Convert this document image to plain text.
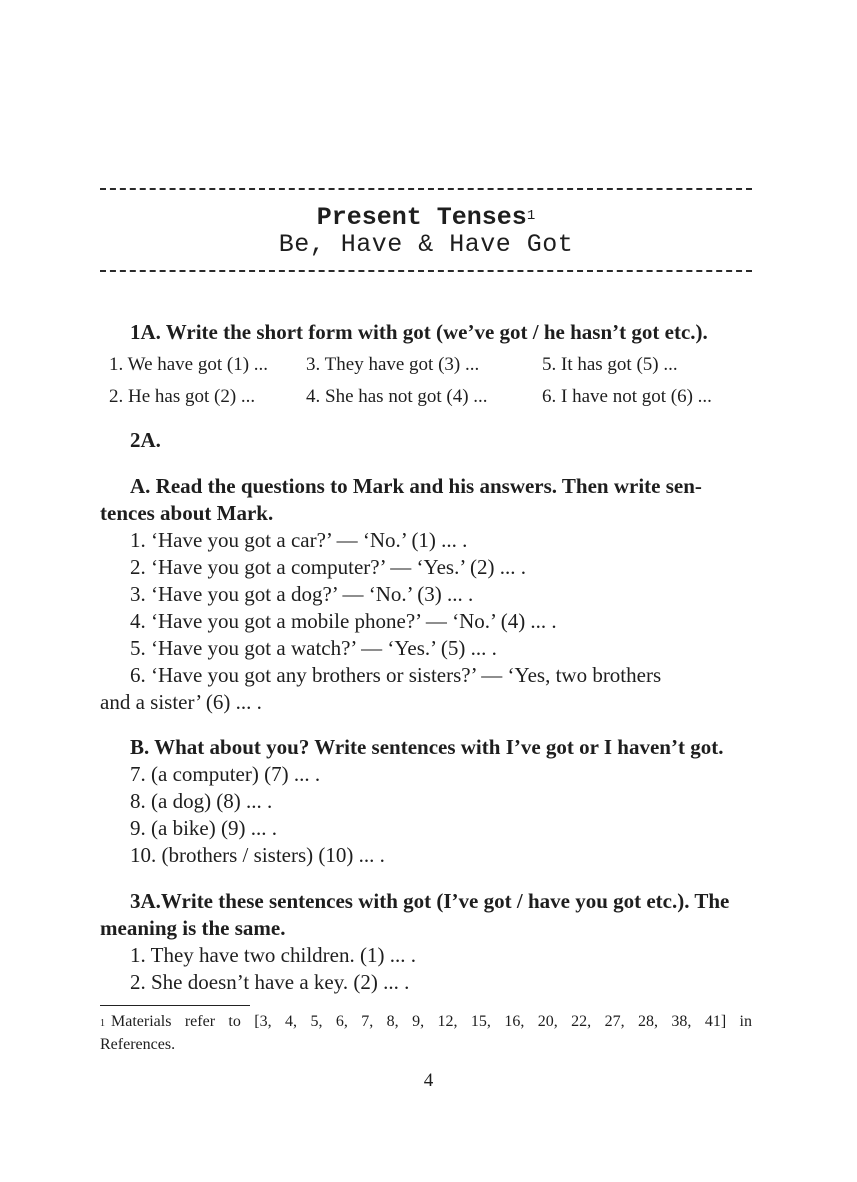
Present Tenses$^1$
Be, Have & Have Got
1A. Write the short form with got (we’ve got / he hasn’t got etc.).
1. We have got (1) ...
2. He has got (2) ...
3. They have got (3) ...
4. She has not got (4) ...
5. It has got (5) ...
6. I have not got (6) ...
2A.
A. Read the questions to Mark and his answers. Then write sen-
tences about Mark.
1. ‘Have you got a car?’ — ‘No.’ (1) ... .
2. ‘Have you got a computer?’ — ‘Yes.’ (2) ... .
3. ‘Have you got a dog?’ — ‘No.’ (3) ... .
4. ‘Have you got a mobile phone?’ — ‘No.’ (4) ... .
5. ‘Have you got a watch?’ — ‘Yes.’ (5) ... .
6. ‘Have you got any brothers or sisters?’ — ‘Yes, two brothers
and a sister’ (6) ... .
B. What about you? Write sentences with I’ve got or I haven’t got.
7. (a computer) (7) ... .
8. (a dog) (8) ... .
9. (a bike) (9) ... .
10. (brothers / sisters) (10) ... .
3A.Write these sentences with got (I’ve got / have you got etc.). The
meaning is the same.
1. They have two children. (1) ... .
2. She doesn’t have a key. (2) ... .
$^1$ Materials refer to [3, 4, 5, 6, 7, 8, 9, 12, 15, 16, 20, 22, 27, 28, 38, 41] in
References.
4
